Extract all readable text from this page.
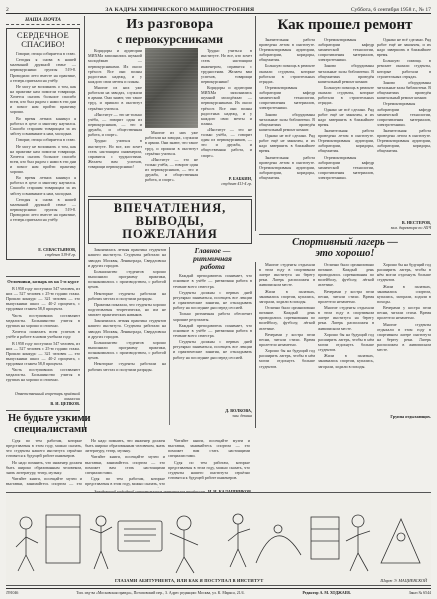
2	ЗА КАДРЫ ХИМИЧЕСКОГО МАШИНОСТРОЕНИЯ	Суббота, 6 сентября 1958 г., № 17
НАША ПОЧТА
СЕРДЕЧНОЕ
СПАСИБО!

Говорят, птица собирается в стаю.

Сегодня я снова в нашей маленькой дружной семье — первокурсники группы 519-8. Проводили лето вместе на практике, а теперь приехали на учёбу.

Не могу не вспомнить о том, как на практике нам помогли товарищи. Хочется сказать большое спасибо всем, кто был рядом с нами в эти дни и помог нам пройти практику хорошо.

Во время летних каникул я работал в цехе и многому научился. Спасибо старшим товарищам за их заботу и внимание к нам, молодым.

Говорят, птица собирается в стаю.

Не могу не вспомнить о том, как на практике нам помогли товарищи. Хочется сказать большое спасибо всем, кто был рядом с нами в эти дни и помог нам пройти практику хорошо.

Во время летних каникул я работал в цехе и многому научился. Спасибо старшим товарищам за их заботу и внимание к нам, молодым.

Сегодня я снова в нашей маленькой дружной семье — первокурсники группы 519-8. Проводили лето вместе на практике, а теперь приехали на учёбу.

Е. СЕВАСТЬЯНОВ,
студент 519-8 гр.
Отличники, козырь их на 1-м курсе

В 1958 году поступило 547 человек, из них — 527 человек с 25-ю годами стажа. Прошли конкурс — 321 человек — это выпускники школ — 40-2 процента, с трудовым стажем 58,8 процента.

Часть поступивших составляют медалисты. Большинство учится в группах на хорошо и отлично.

Хочется пожелать всем успехов в учёбе и работе в новом учебном году.

В 1958 году поступило 547 человек, из них — 527 человек с 25-ю годами стажа. Прошли конкурс — 321 человек — это выпускники школ — 40-2 процента, с трудовым стажем 58,8 процента.

Часть поступивших составляют медалисты. Большинство учится в группах на хорошо и отлично.

Ответственный секретарь приёмной комиссии
В. И. ЦЕПКОВ.
Из разговора
с первокурсниками

Коридоры и аудитории МИХМа заполнились шумной молодёжью — первокурсниками. Их около трёхсот. Все они полны радостных надежд, и у каждого свои мечты и планы.

Многие из них уже работали на заводах, служили в армии. Они знают, что такое труд, и пришли в институт серьёзно учиться.

«Институт — это не только учёба, — говорит один из первокурсников, — это и дружба, и общественная работа, и спорт».

Трудно учиться в институте. Но все, кто хочет стать настоящим инженером, справятся с трудностями. Желаем вам успехов, товарищи первокурсники!

Многие из них уже работали на заводах, служили в армии. Они знают, что такое труд, и пришли в институт серьёзно учиться.

«Институт — это не только учёба, — говорит один из первокурсников, — это и дружба, и общественная работа, и спорт».

Трудно учиться в институте. Но все, кто хочет стать настоящим инженером, справятся с трудностями. Желаем вам успехов, товарищи первокурсники!

Коридоры и аудитории МИХМа заполнились шумной молодёжью — первокурсниками. Их около трёхсот. Все они полны радостных надежд, и у каждого свои мечты и планы.

«Институт — это не только учёба, — говорит один из первокурсников, — это и дружба, и общественная работа, и спорт».

Р. БАБКИН,
студент 411-4 гр.
ВПЕЧАТЛЕНИЯ,
ВЫВОДЫ,
ПОЖЕЛАНИЯ

Закончилась летняя практика студентов нашего института. Студенты работали на заводах Москвы, Ленинграда, Свердловска и других городов.

Большинство студентов хорошо выполнили программу практики, познакомились с производством, с работой цехов.

Некоторые студенты работали на рабочих местах и получили разряды.

Практика показала, что студенты хорошо подготовлены теоретически, но им не хватает практических навыков.

Закончилась летняя практика студентов нашего института. Студенты работали на заводах Москвы, Ленинграда, Свердловска и других городов.

Большинство студентов хорошо выполнили программу практики, познакомились с производством, с работой цехов.

Некоторые студенты работали на рабочих местах и получили разряды.

Главное —
ритмичная
работа

Каждый преподаватель понимает, что основное в учёбе — ритмичная работа в течение всего семестра.

Студенты должны с первых дней регулярно заниматься, посещать все лекции и практические занятия, не откладывать работу на последние дни перед сессией.

Только ритмичная работа обеспечит хорошие результаты.

Каждый преподаватель понимает, что основное в учёбе — ритмичная работа в течение всего семестра.

Студенты должны с первых дней регулярно заниматься, посещать все лекции и практические занятия, не откладывать работу на последние дни перед сессией.

Д. ВОЛКОВА,
зам. декана
Как прошел ремонт

Значительная работа проведена летом в институте. Отремонтированы аудитории, лаборатории, коридоры, общежития.

Большую помощь в ремонте оказали студенты, которые работали в строительных отрядах.

Отремонтированы лаборатории кафедр химической технологии, сопротивления материалов, электротехники.

Заново оборудованы читальные залы библиотеки. В общежитиях проведён капитальный ремонт комнат.

Однако не всё сделано. Ряд работ ещё не закончен, и их надо завершить в ближайшее время.

Значительная работа проведена летом в институте. Отремонтированы аудитории, лаборатории, коридоры, общежития.

Отремонтированы лаборатории кафедр химической технологии, сопротивления материалов, электротехники.

Заново оборудованы читальные залы библиотеки. В общежитиях проведён капитальный ремонт комнат.

Большую помощь в ремонте оказали студенты, которые работали в строительных отрядах.

Однако не всё сделано. Ряд работ ещё не закончен, и их надо завершить в ближайшее время.

Значительная работа проведена летом в институте. Отремонтированы аудитории, лаборатории, коридоры, общежития.

Отремонтированы лаборатории кафедр химической технологии, сопротивления материалов, электротехники.

Однако не всё сделано. Ряд работ ещё не закончен, и их надо завершить в ближайшее время.

Большую помощь в ремонте оказали студенты, которые работали в строительных отрядах.

Заново оборудованы читальные залы библиотеки. В общежитиях проведён капитальный ремонт комнат.

Отремонтированы лаборатории кафедр химической технологии, сопротивления материалов, электротехники.

Значительная работа проведена летом в институте. Отремонтированы аудитории, лаборатории, коридоры, общежития.

В. НЕСТЕРОВ,
зам. директора по АХЧ
Спортивный лагерь —
это хорошо!

Многие студенты отдыхали в этом году в спортивном лагере института на берегу реки. Лагерь расположен в живописном месте.

Жили в палатках, занимались спортом, купались, загорали, ходили в походы.

Отлично было организовано питание. Каждый день проводились соревнования по волейболу, футболу, лёгкой атлетике.

Вечерами у костра пели песни, читали стихи. Время пролетело незаметно.

Хорошо бы на будущий год расширить лагерь, чтобы в нём могли отдохнуть больше студентов.

Отлично было организовано питание. Каждый день проводились соревнования по волейболу, футболу, лёгкой атлетике.

Вечерами у костра пели песни, читали стихи. Время пролетело незаметно.

Многие студенты отдыхали в этом году в спортивном лагере института на берегу реки. Лагерь расположен в живописном месте.

Хорошо бы на будущий год расширить лагерь, чтобы в нём могли отдохнуть больше студентов.

Жили в палатках, занимались спортом, купались, загорали, ходили в походы.

Хорошо бы на будущий год расширить лагерь, чтобы в нём могли отдохнуть больше студентов.

Жили в палатках, занимались спортом, купались, загорали, ходили в походы.

Вечерами у костра пели песни, читали стихи. Время пролетело незаметно.

Многие студенты отдыхали в этом году в спортивном лагере института на берегу реки. Лагерь расположен в живописном месте.

Группа отдыхающих.
Не будьте узкими
специалистами

Судя по тем работам, которые представлены в этом году, можно сказать, что студенты нашего института серьёзно готовятся к будущей работе инженеров.

Но надо помнить, что инженер должен быть широко образованным человеком, знать литературу, театр, музыку.

Читайте книги, посещайте музеи и выставки, занимайтесь спортом — это

Но надо помнить, что инженер должен быть широко образованным человеком, знать литературу, театр, музыку.

Читайте книги, посещайте музеи и выставки, занимайтесь спортом — это поможет вам стать настоящими специалистами.

Судя по тем работам, которые представлены в этом году, можно сказать, что

Читайте книги, посещайте музеи и выставки, занимайтесь спортом — это поможет вам стать настоящими специалистами.

Судя по тем работам, которые представлены в этом году, можно сказать, что студенты нашего института серьёзно готовятся к будущей работе инженеров.

ГЛАЗАМИ АБИТУРИЕНТА, ИЛИ КАК Я ПОСТУПАЛ В ИНСТИТУТ	Шарж Э. МАЦИЕВСКОЙ
Л91046	Тип. изд-ва «Московская правда», Потаповский пер., 3. Адрес редакции: Москва, ул. К. Маркса, 21/4.	Редактор А. М. ХОДЖАЕВ.	Заказ № 6544
